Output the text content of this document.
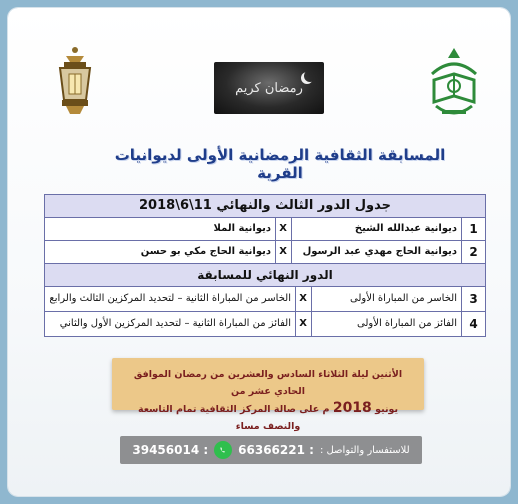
رمضان كريم
المسابقة الثقافية الرمضانية الأولى لديوانيات القرية
جدول الدور الثالث والنهائي 11\6\2018
1
ديوانية عبدالله الشيخ
X
ديوانية الملا
2
ديوانية الحاج مهدي عبد الرسول
X
ديوانية الحاج مكي بو حسن
الدور النهائي للمسابقة
3
الخاسر من المباراة الأولى
X
الخاسر من المباراة الثانية – لتحديد المركزين الثالث والرابع
4
الفائز من المباراة الأولى
X
الفائز من المباراة الثانية – لتحديد المركزين الأول والثاني
الأثنين ليلة الثلاثاء السادس والعشرين من رمضان الموافق الحادي عشر من
يونيو 2018 م على صالة المركز الثقافية تمام التاسعة والنصف مساء
39456014 :	66366221 : للاستفسار والتواصل :
